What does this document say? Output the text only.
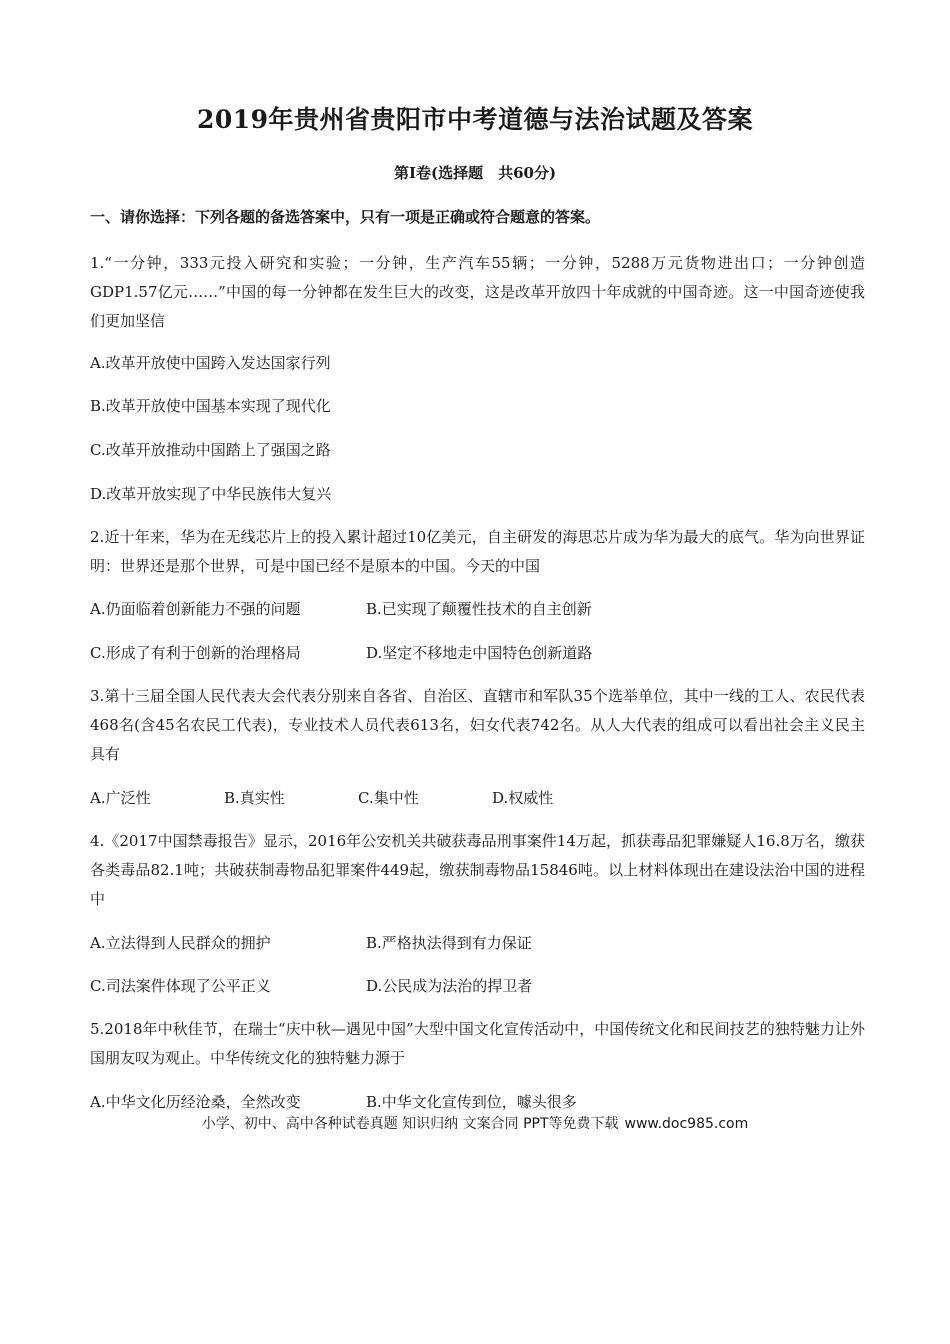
2019年贵州省贵阳市中考道德与法治试题及答案
第Ⅰ卷(选择题　共60分)
一、请你选择：下列各题的备选答案中，只有一项是正确或符合题意的答案。
1.“一分钟，333元投入研究和实验；一分钟，生产汽车55辆；一分钟，5288万元货物进出口；一分钟创造GDP1.57亿元……”中国的每一分钟都在发生巨大的改变，这是改革开放四十年成就的中国奇迹。这一中国奇迹使我们更加坚信
A.改革开放使中国跨入发达国家行列
B.改革开放使中国基本实现了现代化
C.改革开放推动中国踏上了强国之路
D.改革开放实现了中华民族伟大复兴
2.近十年来，华为在无线芯片上的投入累计超过10亿美元，自主研发的海思芯片成为华为最大的底气。华为向世界证明：世界还是那个世界，可是中国已经不是原本的中国。今天的中国
A.仍面临着创新能力不强的问题	B.已实现了颠覆性技术的自主创新
C.形成了有利于创新的治理格局	D.坚定不移地走中国特色创新道路
3.第十三届全国人民代表大会代表分别来自各省、自治区、直辖市和军队35个选举单位，其中一线的工人、农民代表468名(含45名农民工代表)，专业技术人员代表613名，妇女代表742名。从人大代表的组成可以看出社会主义民主具有
A.广泛性	B.真实性	C.集中性	D.权威性
4.《2017中国禁毒报告》显示，2016年公安机关共破获毒品刑事案件14万起，抓获毒品犯罪嫌疑人16.8万名，缴获各类毒品82.1吨；共破获制毒物品犯罪案件449起，缴获制毒物品15846吨。以上材料体现出在建设法治中国的进程中
A.立法得到人民群众的拥护	B.严格执法得到有力保证
C.司法案件体现了公平正义	D.公民成为法治的捍卫者
5.2018年中秋佳节，在瑞士“庆中秋—遇见中国”大型中国文化宣传活动中，中国传统文化和民间技艺的独特魅力让外国朋友叹为观止。中华传统文化的独特魅力源于
A.中华文化历经沧桑，全然改变	B.中华文化宣传到位，噱头很多
小学、初中、高中各种试卷真题 知识归纳 文案合同 PPT等免费下载 www.doc985.com
